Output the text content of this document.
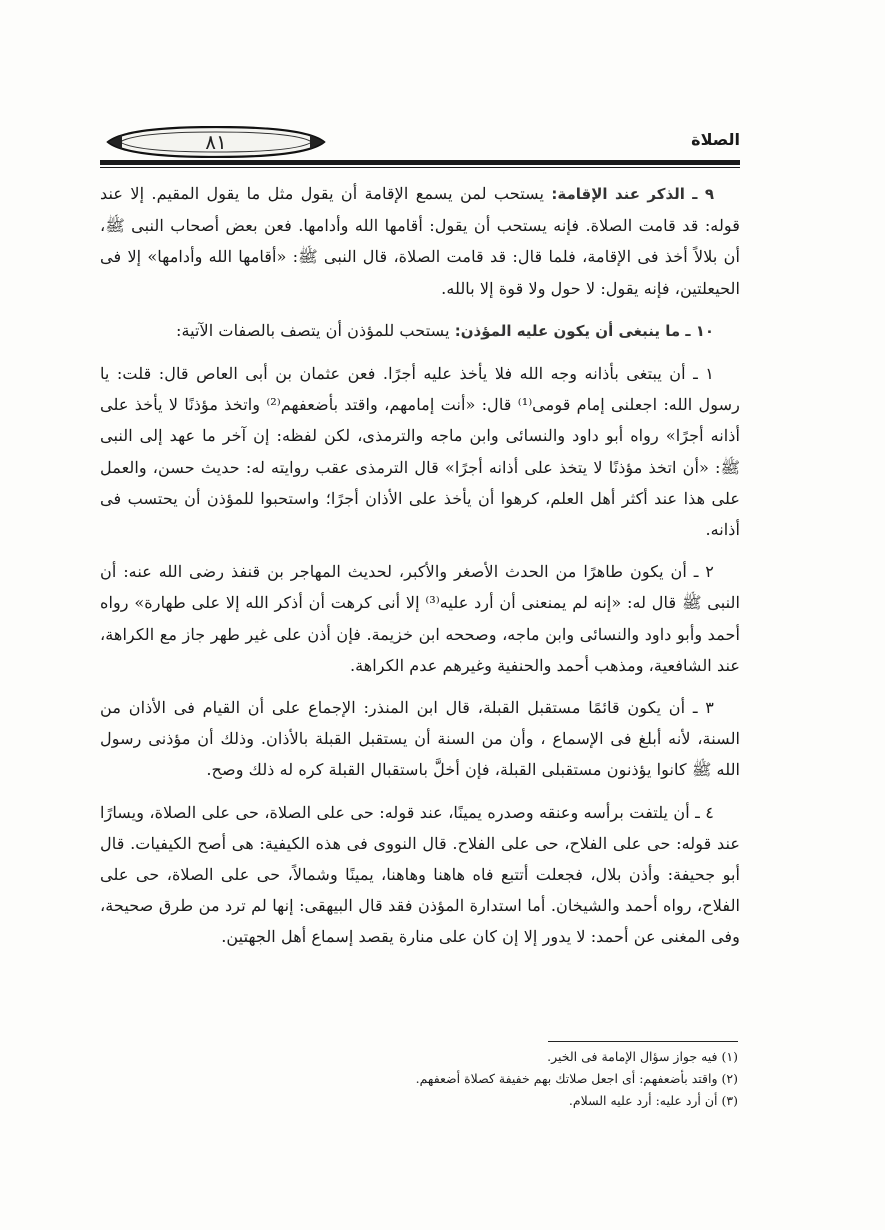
٨١	الصلاة

٩ ـ الذكر عند الإقامة: يستحب لمن يسمع الإقامة أن يقول مثل ما يقول المقيم. إلا عند قوله: قد قامت الصلاة. فإنه يستحب أن يقول: أقامها الله وأدامها. فعن بعض أصحاب النبى ﷺ، أن بلالاً أخذ فى الإقامة، فلما قال: قد قامت الصلاة، قال النبى ﷺ: «أقامها الله وأدامها» إلا فى الحيعلتين، فإنه يقول: لا حول ولا قوة إلا بالله.

١٠ ـ ما ينبغى أن يكون عليه المؤذن: يستحب للمؤذن أن يتصف بالصفات الآتية:

١ ـ أن يبتغى بأذانه وجه الله فلا يأخذ عليه أجرًا. فعن عثمان بن أبى العاص قال: قلت: يا رسول الله: اجعلنى إمام قومى⁽¹⁾ قال: «أنت إمامهم، واقتد بأضعفهم⁽²⁾ واتخذ مؤذنًا لا يأخذ على أذانه أجرًا» رواه أبو داود والنسائى وابن ماجه والترمذى، لكن لفظه: إن آخر ما عهد إلى النبى ﷺ: «أن اتخذ مؤذنًا لا يتخذ على أذانه أجرًا» قال الترمذى عقب روايته له: حديث حسن، والعمل على هذا عند أكثر أهل العلم، كرهوا أن يأخذ على الأذان أجرًا؛ واستحبوا للمؤذن أن يحتسب فى أذانه.

٢ ـ أن يكون طاهرًا من الحدث الأصغر والأكبر، لحديث المهاجر بن قنفذ رضى الله عنه: أن النبى ﷺ قال له: «إنه لم يمنعنى أن أرد عليه⁽³⁾ إلا أنى كرهت أن أذكر الله إلا على طهارة» رواه أحمد وأبو داود والنسائى وابن ماجه، وصححه ابن خزيمة. فإن أذن على غير طهر جاز مع الكراهة، عند الشافعية، ومذهب أحمد والحنفية وغيرهم عدم الكراهة.

٣ ـ أن يكون قائمًا مستقبل القبلة، قال ابن المنذر: الإجماع على أن القيام فى الأذان من السنة، لأنه أبلغ فى الإسماع ، وأن من السنة أن يستقبل القبلة بالأذان. وذلك أن مؤذنى رسول الله ﷺ كانوا يؤذنون مستقبلى القبلة، فإن أخلَّ باستقبال القبلة كره له ذلك وصح.

٤ ـ أن يلتفت برأسه وعنقه وصدره يمينًا، عند قوله: حى على الصلاة، حى على الصلاة، ويسارًا عند قوله: حى على الفلاح، حى على الفلاح. قال النووى فى هذه الكيفية: هى أصح الكيفيات. قال أبو جحيفة: وأذن بلال، فجعلت أتتبع فاه هاهنا وهاهنا، يمينًا وشمالاً، حى على الصلاة، حى على الفلاح، رواه أحمد والشيخان. أما استدارة المؤذن فقد قال البيهقى: إنها لم ترد من طرق صحيحة، وفى المغنى عن أحمد: لا يدور إلا إن كان على منارة يقصد إسماع أهل الجهتين.

(١) فيه جواز سؤال الإمامة فى الخير.

(٢) واقتد بأضعفهم: أى اجعل صلاتك بهم خفيفة كصلاة أضعفهم.

(٣) أن أرد عليه: أرد عليه السلام.
